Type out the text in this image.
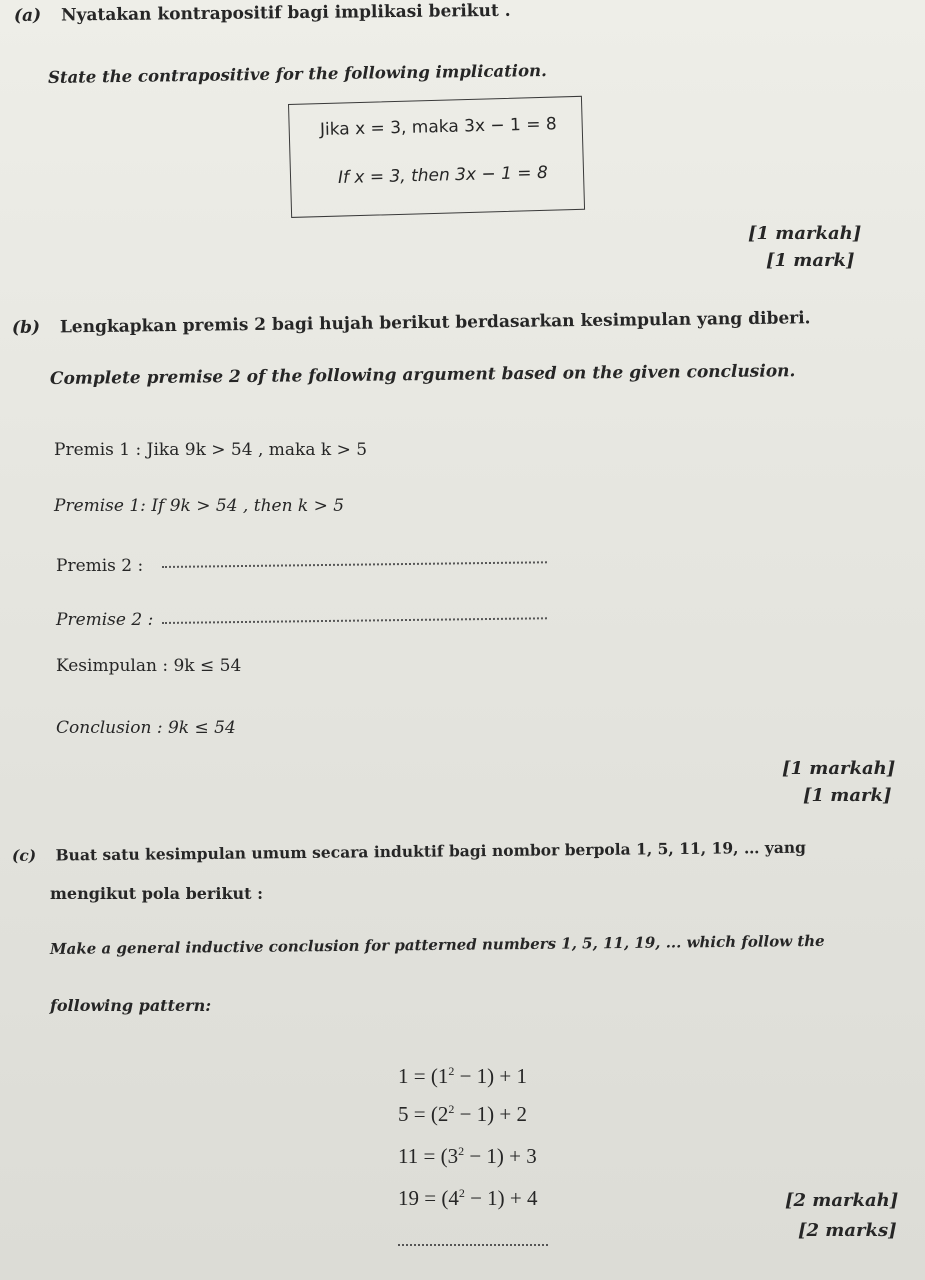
(a) Nyatakan kontrapositif bagi implikasi berikut .
State the contrapositive for the following implication.
Jika x = 3, maka 3x − 1 = 8
If x = 3, then 3x − 1 = 8
[1 markah]
[1 mark]
(b) Lengkapkan premis 2 bagi hujah berikut berdasarkan kesimpulan yang diberi.
Complete premise 2 of the following argument based on the given conclusion.
Premis 1 : Jika 9k > 54 , maka k > 5
Premise 1: If 9k > 54 , then k > 5
Premis 2 :
Premise 2 :
Kesimpulan : 9k ≤ 54
Conclusion : 9k ≤ 54
[1 markah]
[1 mark]
(c) Buat satu kesimpulan umum secara induktif bagi nombor berpola 1, 5, 11, 19, … yang
mengikut pola berikut :
Make a general inductive conclusion for patterned numbers 1, 5, 11, 19, ... which follow the
following pattern:
$1 = (1^2 - 1) + 1$
$5 = (2^2 - 1) + 2$
$11 = (3^2 - 1) + 3$
$19 = (4^2 - 1) + 4$	[2 markah]
[2 marks]
